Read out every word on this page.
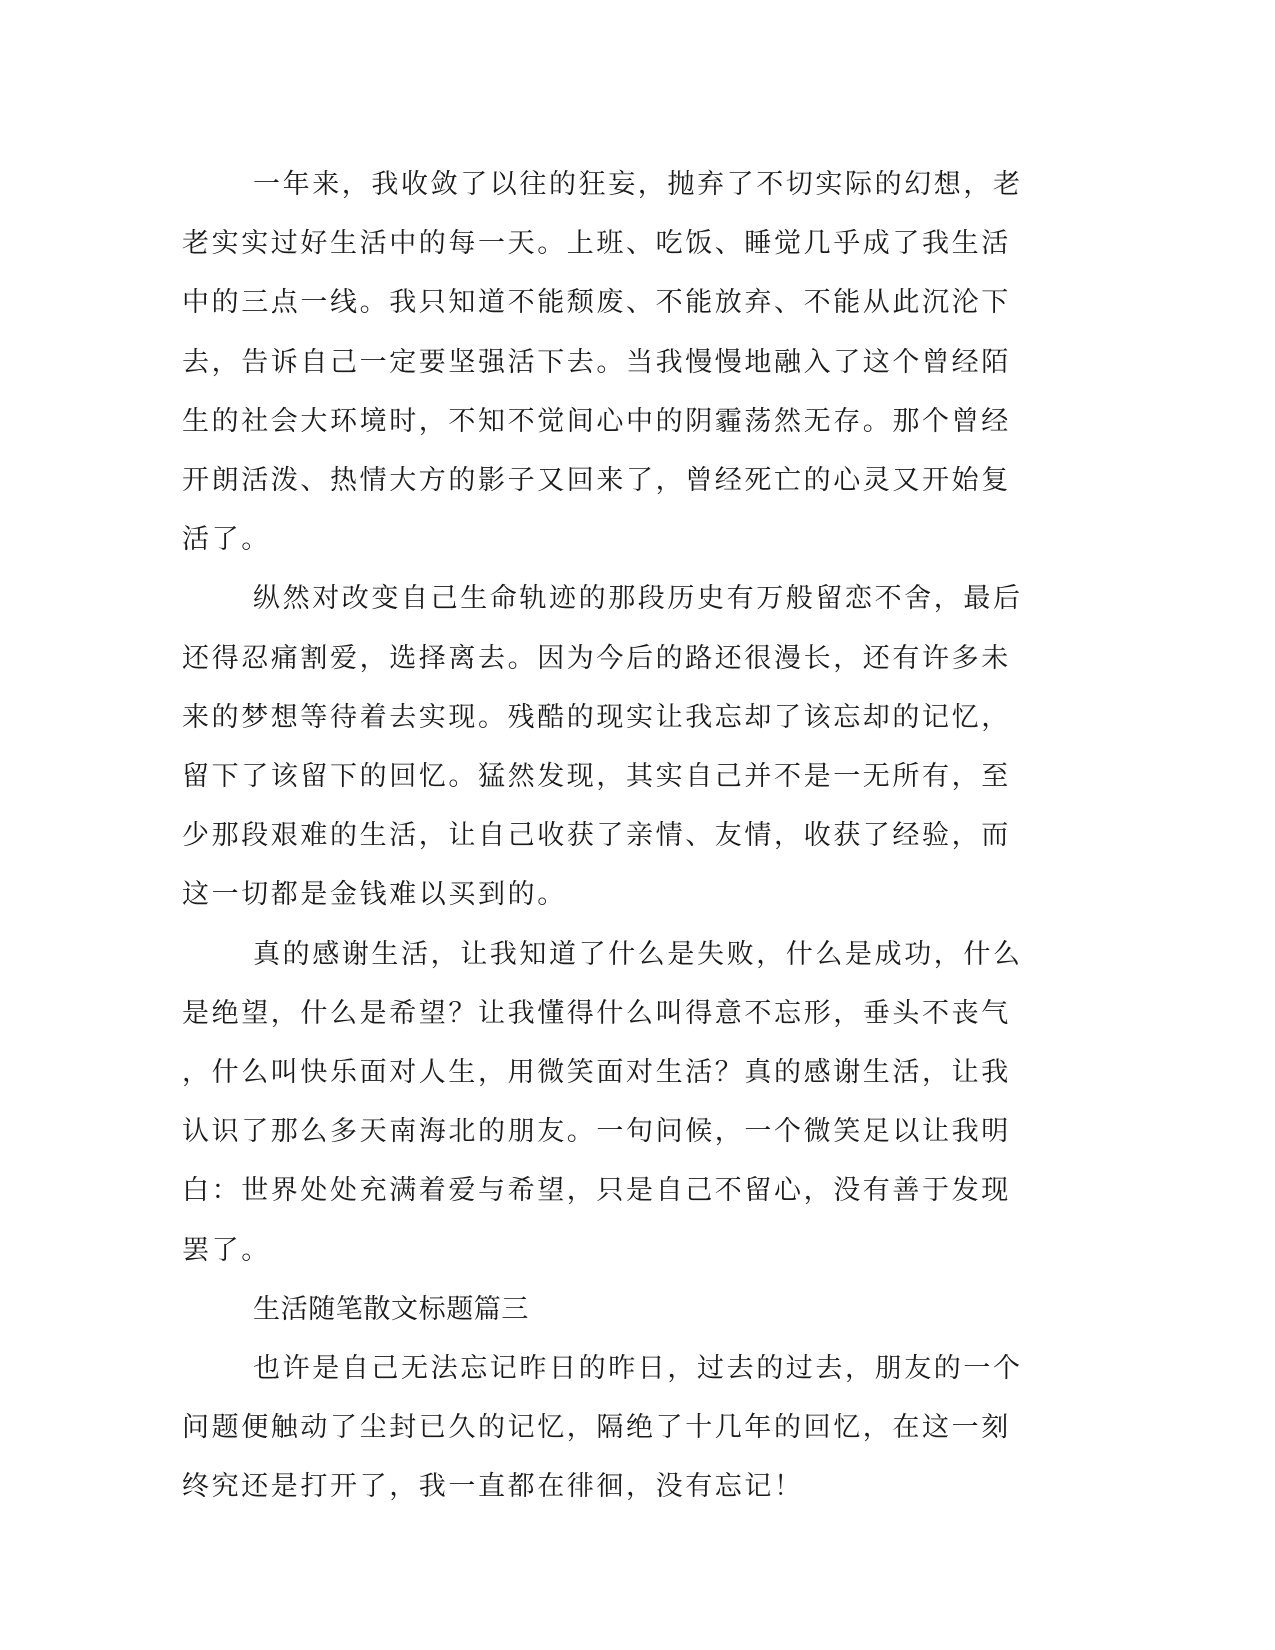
一年来，我收敛了以往的狂妄，抛弃了不切实际的幻想，老老实实过好生活中的每一天。上班、吃饭、睡觉几乎成了我生活中的三点一线。我只知道不能颓废、不能放弃、不能从此沉沦下去，告诉自己一定要坚强活下去。当我慢慢地融入了这个曾经陌生的社会大环境时，不知不觉间心中的阴霾荡然无存。那个曾经开朗活泼、热情大方的影子又回来了，曾经死亡的心灵又开始复活了。

纵然对改变自己生命轨迹的那段历史有万般留恋不舍，最后还得忍痛割爱，选择离去。因为今后的路还很漫长，还有许多未来的梦想等待着去实现。残酷的现实让我忘却了该忘却的记忆，留下了该留下的回忆。猛然发现，其实自己并不是一无所有，至少那段艰难的生活，让自己收获了亲情、友情，收获了经验，而这一切都是金钱难以买到的。

真的感谢生活，让我知道了什么是失败，什么是成功，什么是绝望，什么是希望？让我懂得什么叫得意不忘形，垂头不丧气，什么叫快乐面对人生，用微笑面对生活？真的感谢生活，让我认识了那么多天南海北的朋友。一句问候，一个微笑足以让我明白：世界处处充满着爱与希望，只是自己不留心，没有善于发现罢了。

生活随笔散文标题篇三

也许是自己无法忘记昨日的昨日，过去的过去，朋友的一个问题便触动了尘封已久的记忆，隔绝了十几年的回忆，在这一刻终究还是打开了，我一直都在徘徊，没有忘记！
